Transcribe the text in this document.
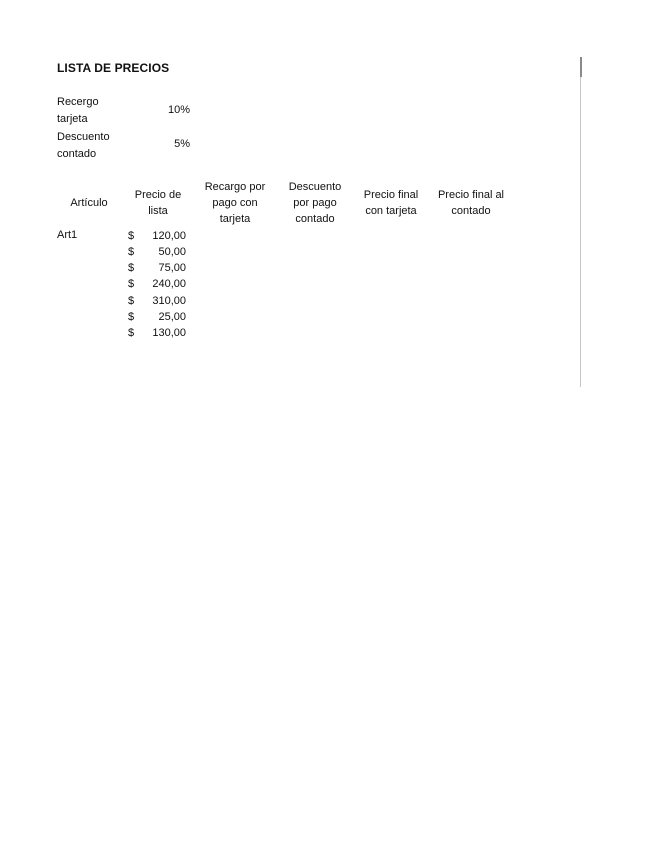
LISTA DE PRECIOS
Recergo tarjeta
10%
Descuento contado
5%
Artículo
Precio de lista
Recargo por pago con tarjeta
Descuento por pago contado
Precio final con tarjeta
Precio final al contado
Art1	$ 120,00
$ 50,00
$ 75,00
$ 240,00
$ 310,00
$ 25,00
$ 130,00
